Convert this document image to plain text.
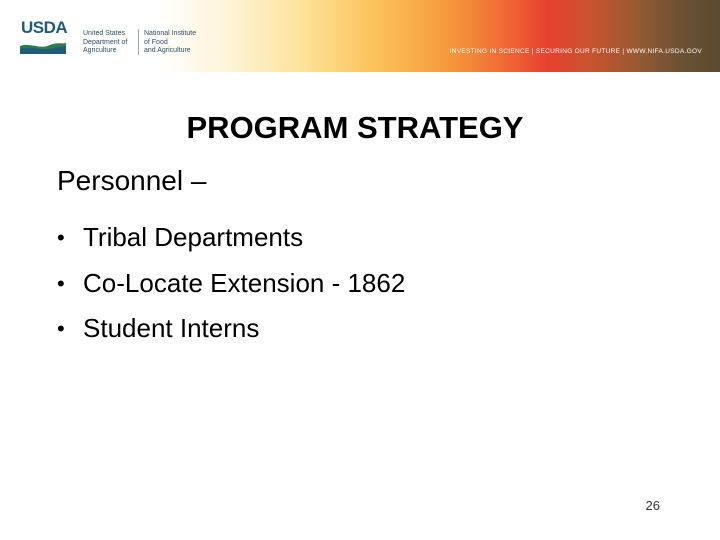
USDA United States
Department of
Agriculture
National Institute
of Food
and Agriculture	INVESTING IN SCIENCE | SECURING OUR FUTURE | WWW.NIFA.USDA.GOV
PROGRAM STRATEGY
Personnel –
• Tribal Departments
• Co-Locate Extension - 1862
• Student Interns
26
